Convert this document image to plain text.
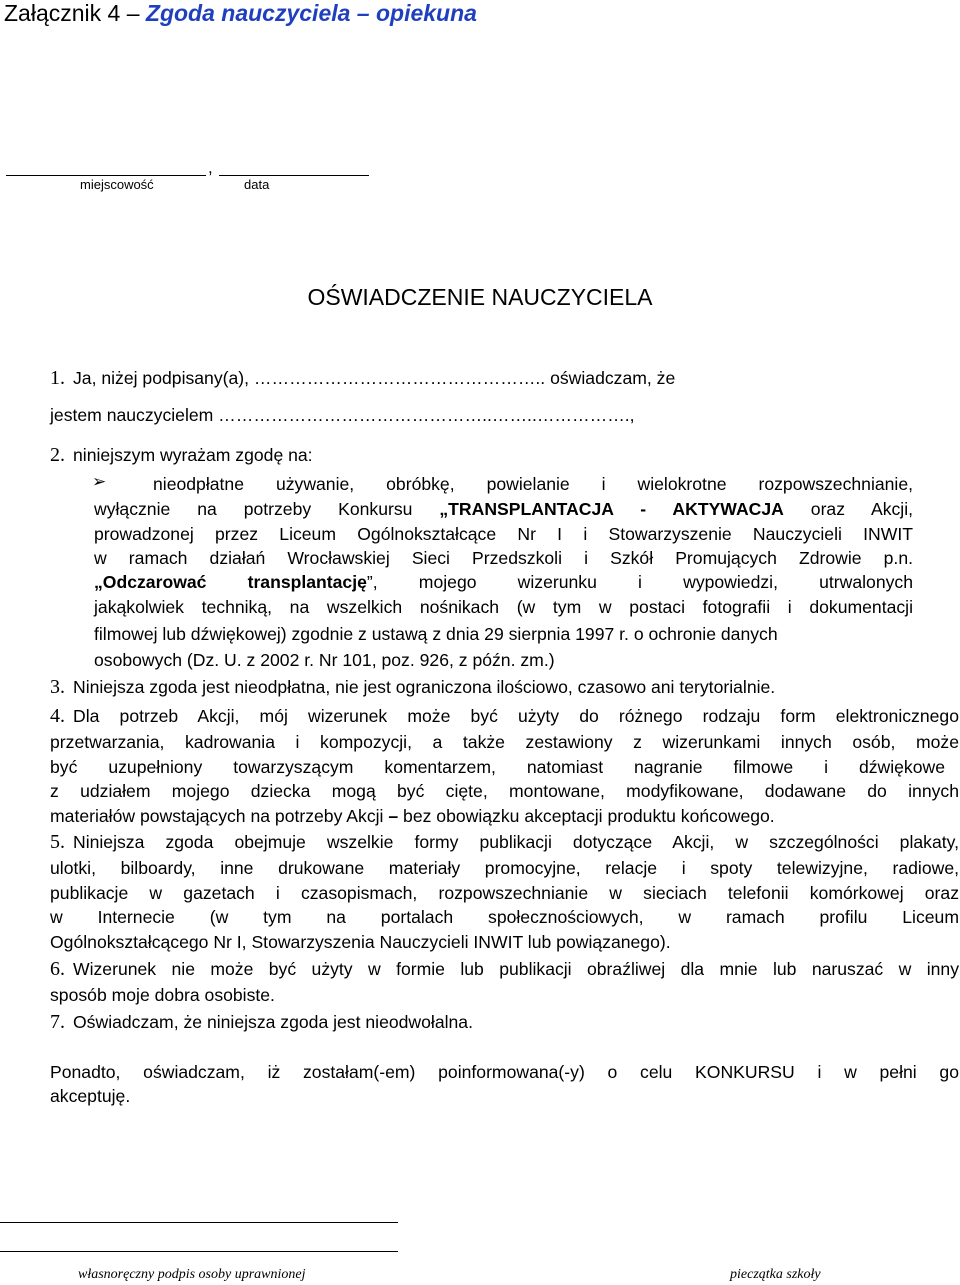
Załącznik 4 – Zgoda nauczyciela – opiekuna
,
miejscowość	data
OŚWIADCZENIE NAUCZYCIELA
1. Ja, niżej podpisany(a), ………………………………………….. oświadczam, że
jestem nauczycielem ………………………………………..……..…………….,
2. niniejszym wyrażam zgodę na:
➢	nieodpłatne używanie, obróbkę, powielanie i wielokrotne rozpowszechnianie,
wyłącznie na potrzeby Konkursu „TRANSPLANTACJA - AKTYWACJA oraz Akcji,
prowadzonej przez Liceum Ogólnokształcące Nr I i Stowarzyszenie Nauczycieli INWIT
w ramach działań Wrocławskiej Sieci Przedszkoli i Szkół Promujących Zdrowie p.n.
„Odczarować transplantację”, mojego wizerunku i wypowiedzi, utrwalonych
jakąkolwiek techniką, na wszelkich nośnikach (w tym w postaci fotografii i dokumentacji
filmowej lub dźwiękowej) zgodnie z ustawą z dnia 29 sierpnia 1997 r. o ochronie danych
osobowych (Dz. U. z 2002 r. Nr 101, poz. 926, z późn. zm.)
3. Niniejsza zgoda jest nieodpłatna, nie jest ograniczona ilościowo, czasowo ani terytorialnie.
4. Dla potrzeb Akcji, mój wizerunek może być użyty do różnego rodzaju form elektronicznego
przetwarzania, kadrowania i kompozycji, a także zestawiony z wizerunkami innych osób, może
być uzupełniony towarzyszącym komentarzem, natomiast nagranie filmowe i dźwiękowe
z udziałem mojego dziecka mogą być cięte, montowane, modyfikowane, dodawane do innych
materiałów powstających na potrzeby Akcji – bez obowiązku akceptacji produktu końcowego.
5. Niniejsza zgoda obejmuje wszelkie formy publikacji dotyczące Akcji, w szczególności plakaty,
ulotki, bilboardy, inne drukowane materiały promocyjne, relacje i spoty telewizyjne, radiowe,
publikacje w gazetach i czasopismach, rozpowszechnianie w sieciach telefonii komórkowej oraz
w Internecie (w tym na portalach społecznościowych, w ramach profilu Liceum
Ogólnokształcącego Nr I, Stowarzyszenia Nauczycieli INWIT lub powiązanego).
6. Wizerunek nie może być użyty w formie lub publikacji obraźliwej dla mnie lub naruszać w inny
sposób moje dobra osobiste.
7. Oświadczam, że niniejsza zgoda jest nieodwołalna.
Ponadto, oświadczam, iż zostałam(-em) poinformowana(-y) o celu KONKURSU i w pełni go
akceptuję.
własnoręczny podpis osoby uprawnionej	pieczątka szkoły
